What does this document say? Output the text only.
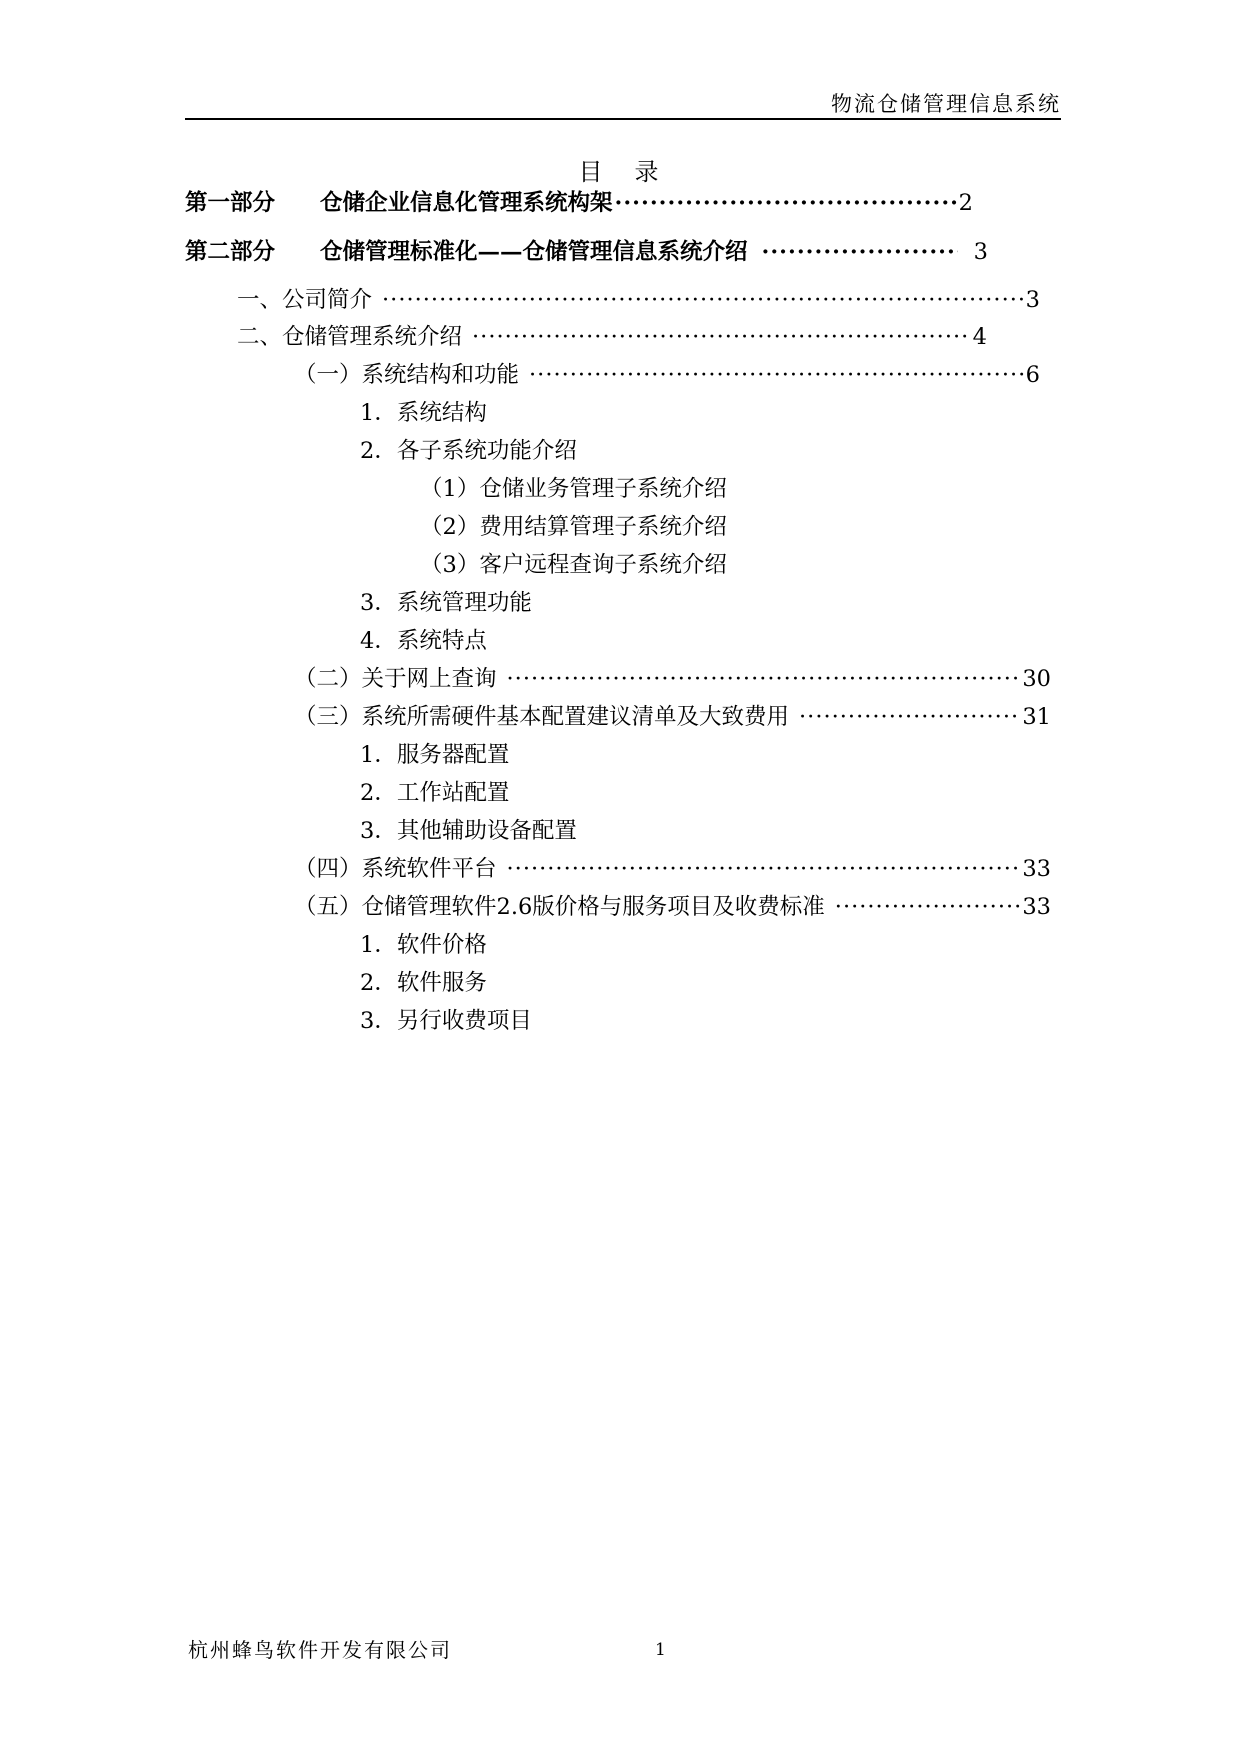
物流仓储管理信息系统
目　录
第一部分　　仓储企业信息化管理系统构架 ·····	2
第二部分　　仓储管理标准化——仓储管理信息系统介绍 ·····	3
一、公司简介 ·····	3
二、仓储管理系统介绍 ·····	4
（一）系统结构和功能 ·····	6
1．系统结构
2．各子系统功能介绍
（1）仓储业务管理子系统介绍
（2）费用结算管理子系统介绍
（3）客户远程查询子系统介绍
3．系统管理功能
4．系统特点
（二）关于网上查询 ·····	30
（三）系统所需硬件基本配置建议清单及大致费用 ·····	31
1．服务器配置
2．工作站配置
3．其他辅助设备配置
（四）系统软件平台 ·····	33
（五）仓储管理软件2.6版价格与服务项目及收费标准 ·····	33
1．软件价格
2．软件服务
3．另行收费项目
杭州蜂鸟软件开发有限公司	1
